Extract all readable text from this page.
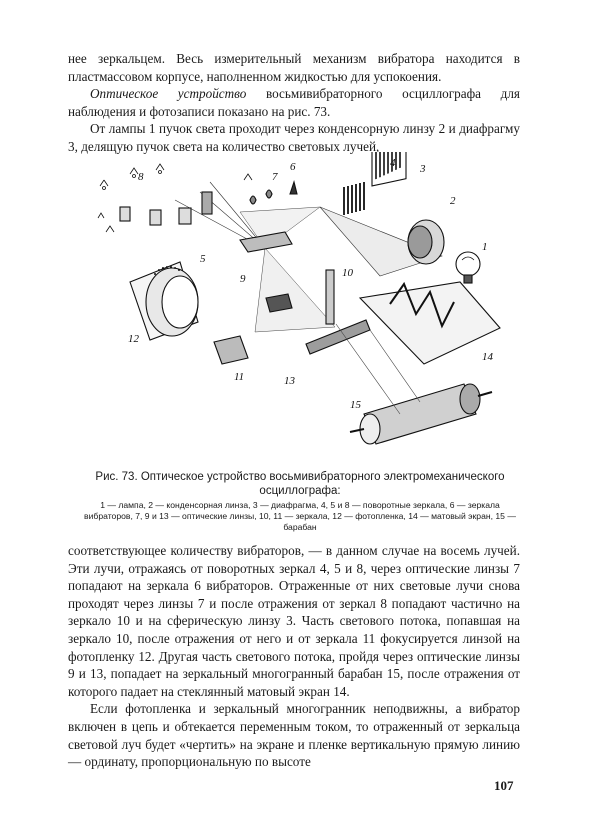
нее зеркальцем. Весь измерительный механизм вибратора находится в пластмассовом корпусе, наполненном жидкостью для успокоения.

Оптическое устройство восьмивибраторного осциллографа для наблюдения и фотозаписи показано на рис. 73.

От лампы 1 пучок света проходит через конденсорную линзу 2 и диафрагму 3, делящую пучок света на количество световых лучей,

1
2
3
4
5
6
7
8
9	10
11
12
13
14
15
Рис. 73. Оптическое устройство восьмивибраторного электромеханического осциллографа:
1 — лампа, 2 — конденсорная линза, 3 — диафрагма, 4, 5 и 8 — поворотные зеркала, 6 — зеркала вибраторов, 7, 9 и 13 — оптические линзы, 10, 11 — зеркала, 12 — фотопленка, 14 — матовый экран, 15 — барабан

соответствующее количеству вибраторов, — в данном случае на восемь лучей. Эти лучи, отражаясь от поворотных зеркал 4, 5 и 8, через оптические линзы 7 попадают на зеркала 6 вибраторов. Отраженные от них световые лучи снова проходят через линзы 7 и после отражения от зеркал 8 попадают частично на зеркало 10 и на сферическую линзу 3. Часть светового потока, попавшая на зеркало 10, после отражения от него и от зеркала 11 фокусируется линзой на фотопленку 12. Другая часть светового потока, пройдя через оптические линзы 9 и 13, попадает на зеркальный многогранный барабан 15, после отражения от которого падает на стеклянный матовый экран 14.

Если фотопленка и зеркальный многогранник неподвижны, а вибратор включен в цепь и обтекается переменным током, то отраженный от зеркальца световой луч будет «чертить» на экране и пленке вертикальную прямую линию — ординату, пропорциональную по высоте

107
